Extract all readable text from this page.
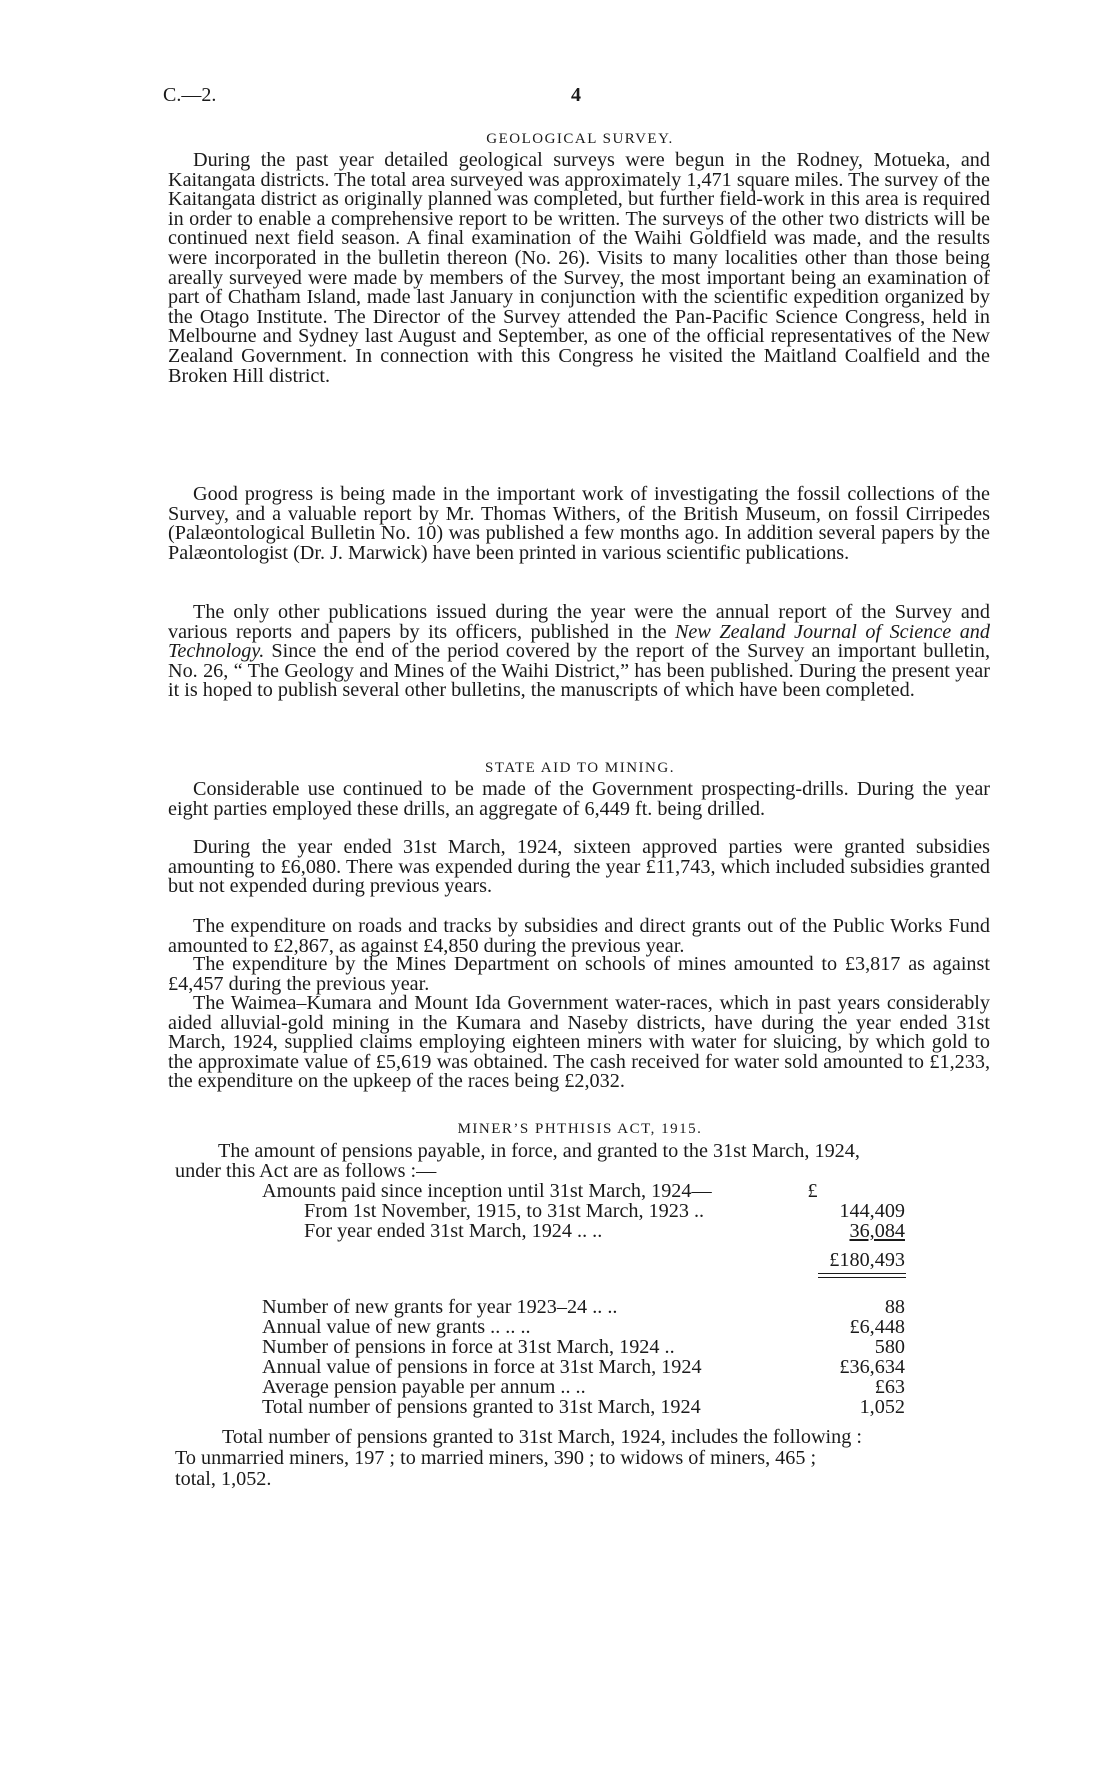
C.—2.	4
GEOLOGICAL SURVEY.

During the past year detailed geological surveys were begun in the Rodney, Motueka, and Kaitangata districts. The total area surveyed was approximately 1,471 square miles. The survey of the Kaitangata district as originally planned was completed, but further field-work in this area is required in order to enable a comprehensive report to be written. The surveys of the other two districts will be continued next field season. A final examination of the Waihi Goldfield was made, and the results were incorporated in the bulletin thereon (No. 26). Visits to many localities other than those being areally surveyed were made by members of the Survey, the most important being an examination of part of Chatham Island, made last January in conjunction with the scientific expedition organized by the Otago Institute. The Director of the Survey attended the Pan-Pacific Science Congress, held in Melbourne and Sydney last August and September, as one of the official representatives of the New Zealand Government. In connection with this Congress he visited the Maitland Coalfield and the Broken Hill district.

Good progress is being made in the important work of investigating the fossil collections of the Survey, and a valuable report by Mr. Thomas Withers, of the British Museum, on fossil Cirripedes (Palæontological Bulletin No. 10) was published a few months ago. In addition several papers by the Palæontologist (Dr. J. Marwick) have been printed in various scientific publications.

The only other publications issued during the year were the annual report of the Survey and various reports and papers by its officers, published in the New Zealand Journal of Science and Technology. Since the end of the period covered by the report of the Survey an important bulletin, No. 26, “ The Geology and Mines of the Waihi District,” has been published. During the present year it is hoped to publish several other bulletins, the manuscripts of which have been completed.

STATE AID TO MINING.

Considerable use continued to be made of the Government prospecting-drills. During the year eight parties employed these drills, an aggregate of 6,449 ft. being drilled.

During the year ended 31st March, 1924, sixteen approved parties were granted subsidies amounting to £6,080. There was expended during the year £11,743, which included subsidies granted but not expended during previous years.

The expenditure on roads and tracks by subsidies and direct grants out of the Public Works Fund amounted to £2,867, as against £4,850 during the previous year.

The expenditure by the Mines Department on schools of mines amounted to £3,817 as against £4,457 during the previous year.

The Waimea–Kumara and Mount Ida Government water-races, which in past years considerably aided alluvial-gold mining in the Kumara and Naseby districts, have during the year ended 31st March, 1924, supplied claims employing eighteen miners with water for sluicing, by which gold to the approximate value of £5,619 was obtained. The cash received for water sold amounted to £1,233, the expenditure on the upkeep of the races being £2,032.

MINER’S PHTHISIS ACT, 1915.
The amount of pensions payable, in force, and granted to the 31st March, 1924,
under this Act are as follows :—
Amounts paid since inception until 31st March, 1924—	£
From 1st November, 1915, to 31st March, 1923 ..	144,409
For year ended 31st March, 1924 .. ..	36,084
£180,493
Number of new grants for year 1923–24 .. ..	88
Annual value of new grants .. .. ..	£6,448
Number of pensions in force at 31st March, 1924 ..	580
Annual value of pensions in force at 31st March, 1924	£36,634
Average pension payable per annum .. ..	£63
Total number of pensions granted to 31st March, 1924	1,052
Total number of pensions granted to 31st March, 1924, includes the following :
To unmarried miners, 197 ; to married miners, 390 ; to widows of miners, 465 ;
total, 1,052.
